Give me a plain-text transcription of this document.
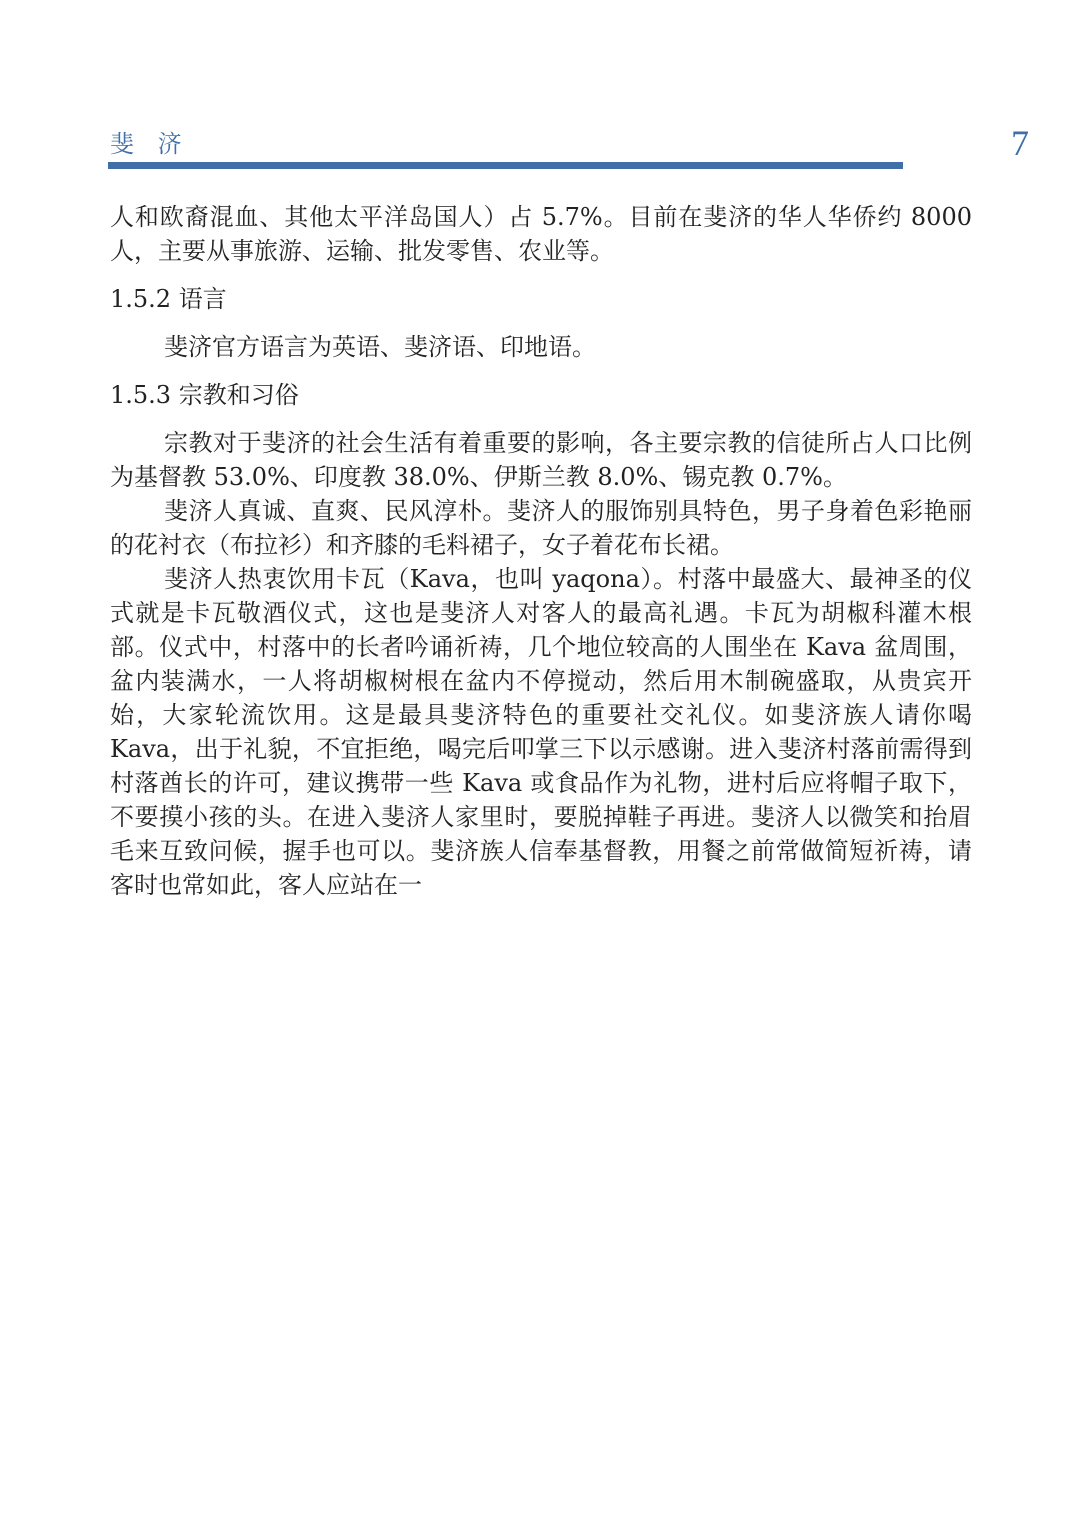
斐 济	7

人和欧裔混血、其他太平洋岛国人）占 5.7%。目前在斐济的华人华侨约 8000 人，主要从事旅游、运输、批发零售、农业等。

1.5.2 语言

斐济官方语言为英语、斐济语、印地语。

1.5.3 宗教和习俗

宗教对于斐济的社会生活有着重要的影响，各主要宗教的信徒所占人口比例为基督教 53.0%、印度教 38.0%、伊斯兰教 8.0%、锡克教 0.7%。

斐济人真诚、直爽、民风淳朴。斐济人的服饰别具特色，男子身着色彩艳丽的花衬衣（布拉衫）和齐膝的毛料裙子，女子着花布长裙。

斐济人热衷饮用卡瓦（Kava，也叫 yaqona）。村落中最盛大、最神圣的仪式就是卡瓦敬酒仪式，这也是斐济人对客人的最高礼遇。卡瓦为胡椒科灌木根部。仪式中，村落中的长者吟诵祈祷，几个地位较高的人围坐在 Kava 盆周围，盆内装满水，一人将胡椒树根在盆内不停搅动，然后用木制碗盛取，从贵宾开始，大家轮流饮用。这是最具斐济特色的重要社交礼仪。如斐济族人请你喝 Kava，出于礼貌，不宜拒绝，喝完后叩掌三下以示感谢。进入斐济村落前需得到村落酋长的许可，建议携带一些 Kava 或食品作为礼物，进村后应将帽子取下，不要摸小孩的头。在进入斐济人家里时，要脱掉鞋子再进。斐济人以微笑和抬眉毛来互致问候，握手也可以。斐济族人信奉基督教，用餐之前常做简短祈祷，请客时也常如此，客人应站在一
